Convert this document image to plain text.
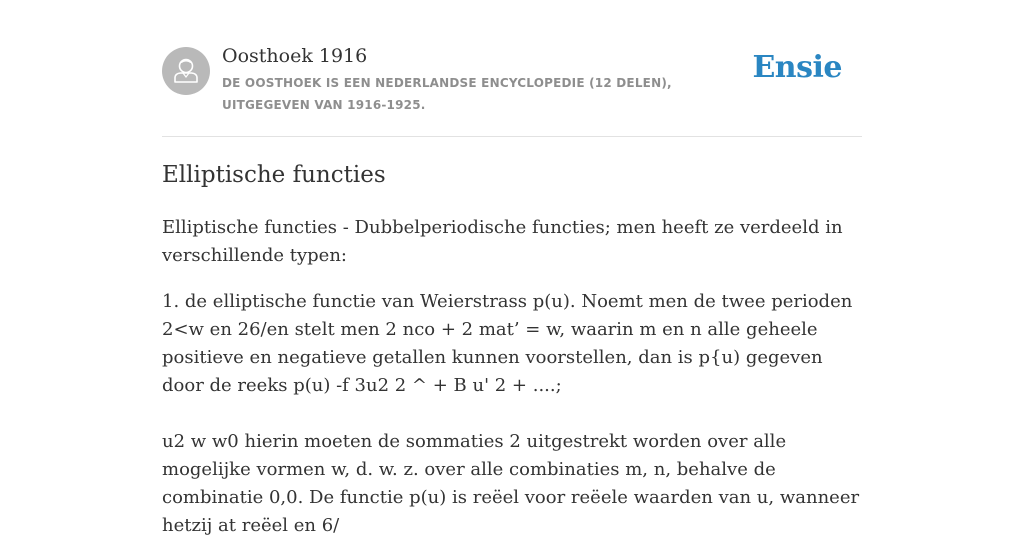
Oosthoek 1916
DE OOSTHOEK IS EEN NEDERLANDSE ENCYCLOPEDIE (12 DELEN), UITGEGEVEN VAN 1916-1925.
Ensie
Elliptische functies

Elliptische functies - Dubbelperiodische functies; men heeft ze verdeeld in verschillende typen:

1. de elliptische functie van Weierstrass p(u). Noemt men de twee perioden 2<w en 26/en stelt men 2 nco + 2 mat’ = w, waarin m en n alle geheele positieve en negatieve getallen kunnen voorstellen, dan is p{u) gegeven door de reeks p(u) -f 3u2 2 ^ + B u' 2 + ....;

u2 w w0 hierin moeten de sommaties 2 uitgestrekt worden over alle mogelijke vormen w, d. w. z. over alle combinaties m, n, behalve de combinatie 0,0. De functie p(u) is reëel voor reëele waarden van u, wanneer hetzij at reëel en 6/
